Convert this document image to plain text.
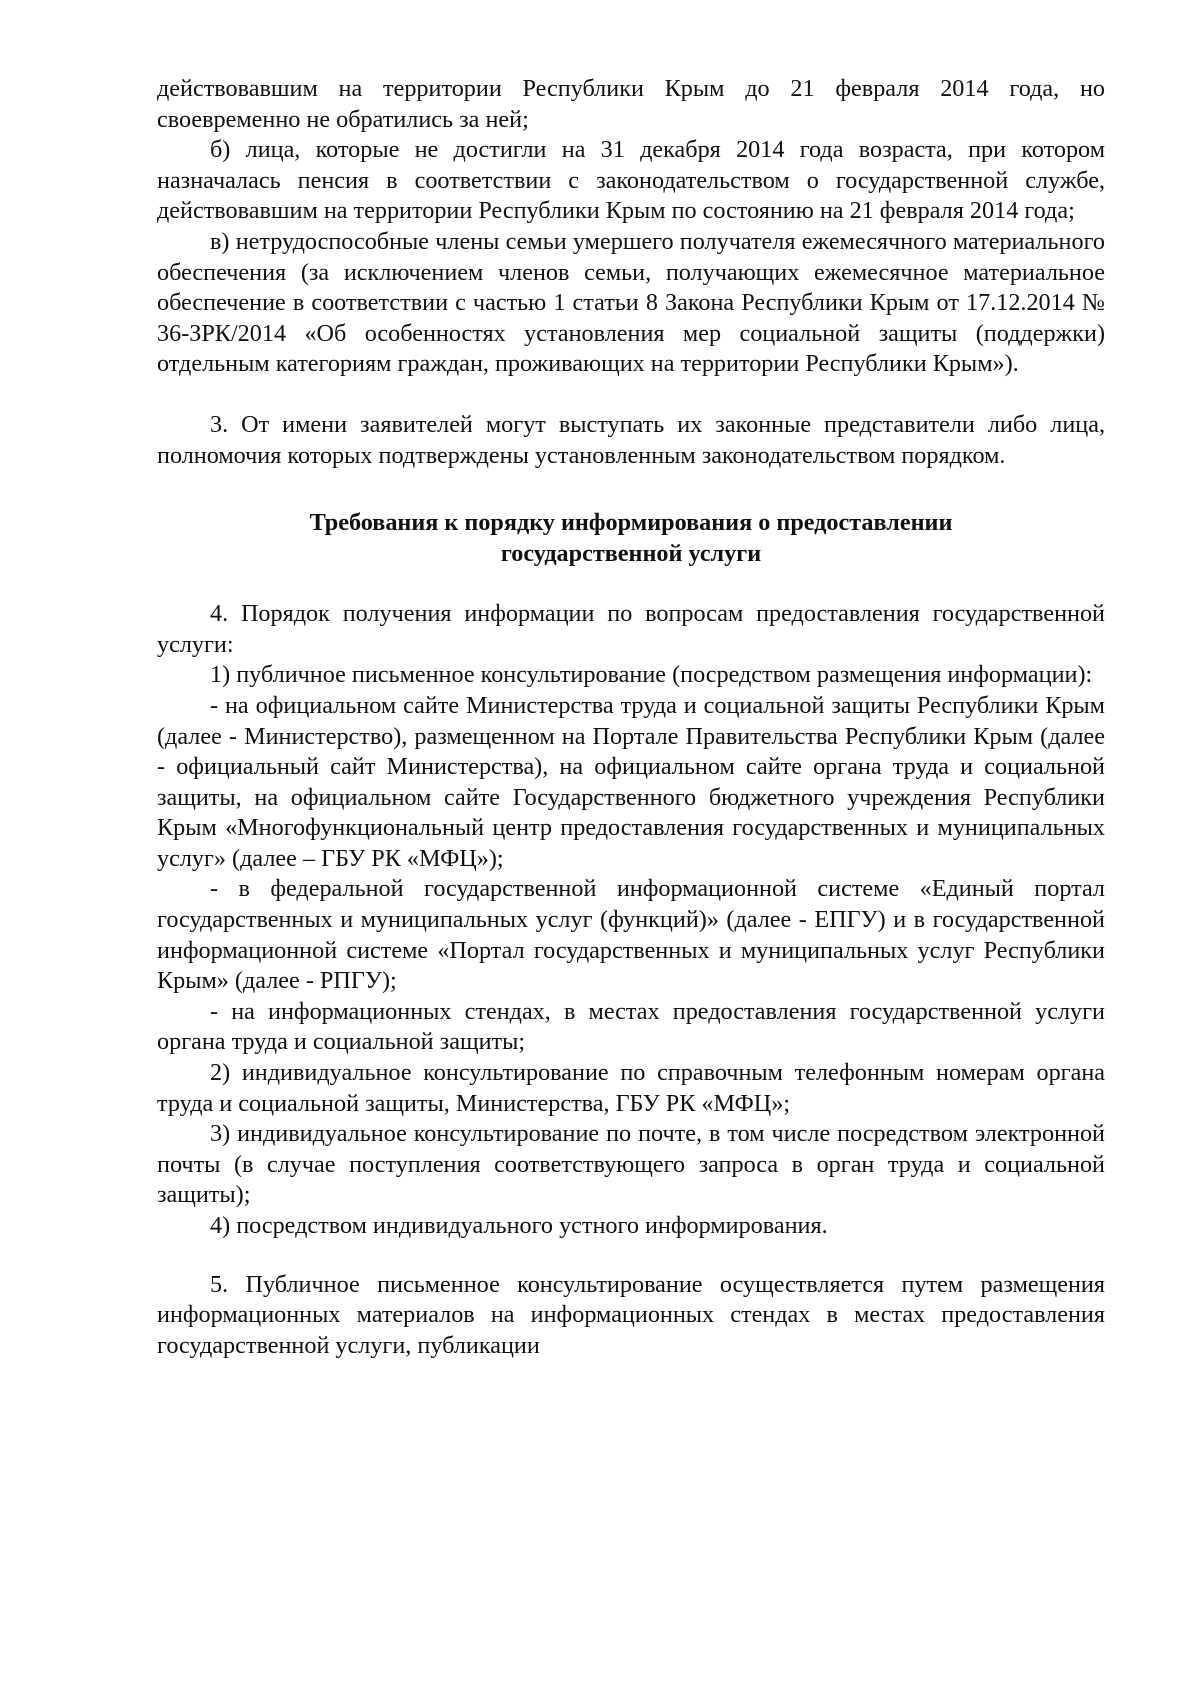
действовавшим на территории Республики Крым до 21 февраля 2014 года, но своевременно не обратились за ней;

б) лица, которые не достигли на 31 декабря 2014 года возраста, при котором назначалась пенсия в соответствии с законодательством о государственной службе, действовавшим на территории Республики Крым по состоянию на 21 февраля 2014 года;

в) нетрудоспособные члены семьи умершего получателя ежемесячного материального обеспечения (за исключением членов семьи, получающих ежемесячное материальное обеспечение в соответствии с частью 1 статьи 8 Закона Республики Крым от 17.12.2014 № 36-ЗРК/2014 «Об особенностях установления мер социальной защиты (поддержки) отдельным категориям граждан, проживающих на территории Республики Крым»).

3. От имени заявителей могут выступать их законные представители либо лица, полномочия которых подтверждены установленным законодательством порядком.

Требования к порядку информирования о предоставлении
государственной услуги

4. Порядок получения информации по вопросам предоставления государственной услуги:

1) публичное письменное консультирование (посредством размещения информации):

- на официальном сайте Министерства труда и социальной защиты Республики Крым (далее - Министерство), размещенном на Портале Правительства Республики Крым (далее - официальный сайт Министерства), на официальном сайте органа труда и социальной защиты, на официальном сайте Государственного бюджетного учреждения Республики Крым «Многофункциональный центр предоставления государственных и муниципальных услуг» (далее – ГБУ РК «МФЦ»);

- в федеральной государственной информационной системе «Единый портал государственных и муниципальных услуг (функций)» (далее - ЕПГУ) и в государственной информационной системе «Портал государственных и муниципальных услуг Республики Крым» (далее - РПГУ);

- на информационных стендах, в местах предоставления государственной услуги органа труда и социальной защиты;

2) индивидуальное консультирование по справочным телефонным номерам органа труда и социальной защиты, Министерства, ГБУ РК «МФЦ»;

3) индивидуальное консультирование по почте, в том числе посредством электронной почты (в случае поступления соответствующего запроса в орган труда и социальной защиты);

4) посредством индивидуального устного информирования.

5. Публичное письменное консультирование осуществляется путем размещения информационных материалов на информационных стендах в местах предоставления государственной услуги, публикации
